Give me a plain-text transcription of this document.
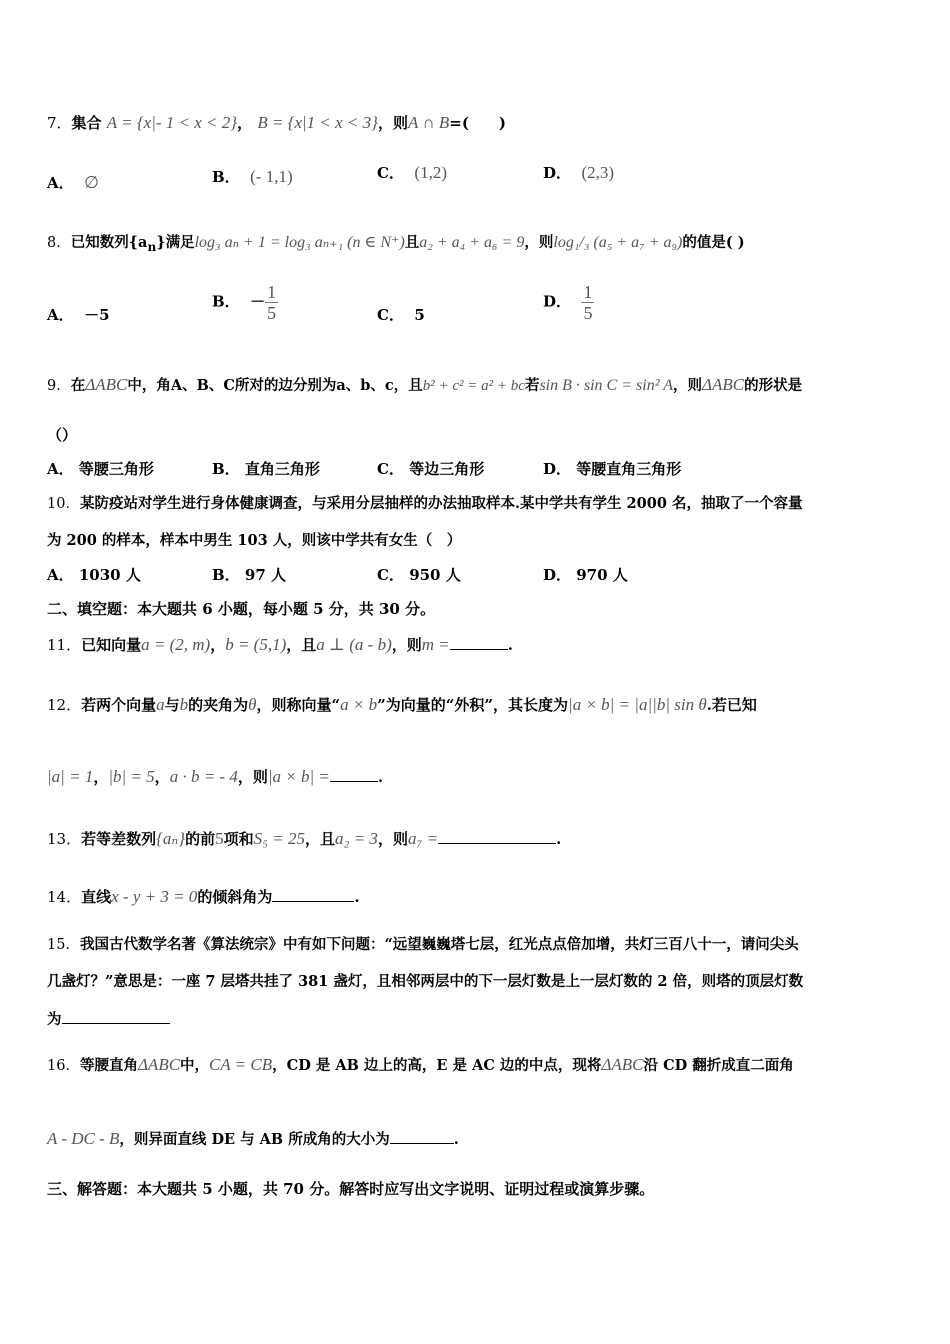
7．集合 A = {x|- 1 < x < 2}， B = {x|1 < x < 3}，则A ∩ B=(　　)
A． ∅	B． (- 1,1)	C． (1,2)	D． (2,3)
8．已知数列$\{a_n\}$满足log₃ aₙ + 1 = log₃ aₙ₊₁ (n ∈ N⁺)且a₂ + a₄ + a₆ = 9，则log₁/₃ (a₅ + a₇ + a₉)的值是( )
A． －5
B． － $\frac{1}{5}$	C． 5
D． $\frac{1}{5}$
9．在ΔABC中，角A、B、C所对的边分别为a、b、c，且b² + c² = a² + bc若sin B · sin C = sin² A，则ΔABC的形状是
（）
A． 等腰三角形	B． 直角三角形	C． 等边三角形	D． 等腰直角三角形
10．某防疫站对学生进行身体健康调查，与采用分层抽样的办法抽取样本.某中学共有学生 2000 名，抽取了一个容量
为 200 的样本，样本中男生 103 人，则该中学共有女生（　）
A． 1030 人	B． 97 人	C． 950 人	D． 970 人
二、填空题：本大题共 6 小题，每小题 5 分，共 30 分。
11．已知向量a = (2, m)，b = (5,1)，且a ⊥ (a - b)，则m =	.
12．若两个向量a与b的夹角为θ，则称向量“a × b”为向量的“外积”，其长度为|a × b| = |a||b| sin θ.若已知
|a| = 1，|b| = 5，a · b = - 4，则|a × b| =	.
13．若等差数列{aₙ}的前5项和S₅ = 25，且a₂ = 3，则a₇ =	.
14．直线x - y + 3 = 0的倾斜角为	.
15．我国古代数学名著《算法统宗》中有如下问题：“远望巍巍塔七层，红光点点倍加增，共灯三百八十一，请问尖头
几盏灯？”意思是：一座 7 层塔共挂了 381 盏灯，且相邻两层中的下一层灯数是上一层灯数的 2 倍，则塔的顶层灯数
为
16．等腰直角ΔABC中，CA = CB，CD 是 AB 边上的高，E 是 AC 边的中点，现将ΔABC沿 CD 翻折成直二面角
A - DC - B，则异面直线 DE 与 AB 所成角的大小为	.
三、解答题：本大题共 5 小题，共 70 分。解答时应写出文字说明、证明过程或演算步骤。
